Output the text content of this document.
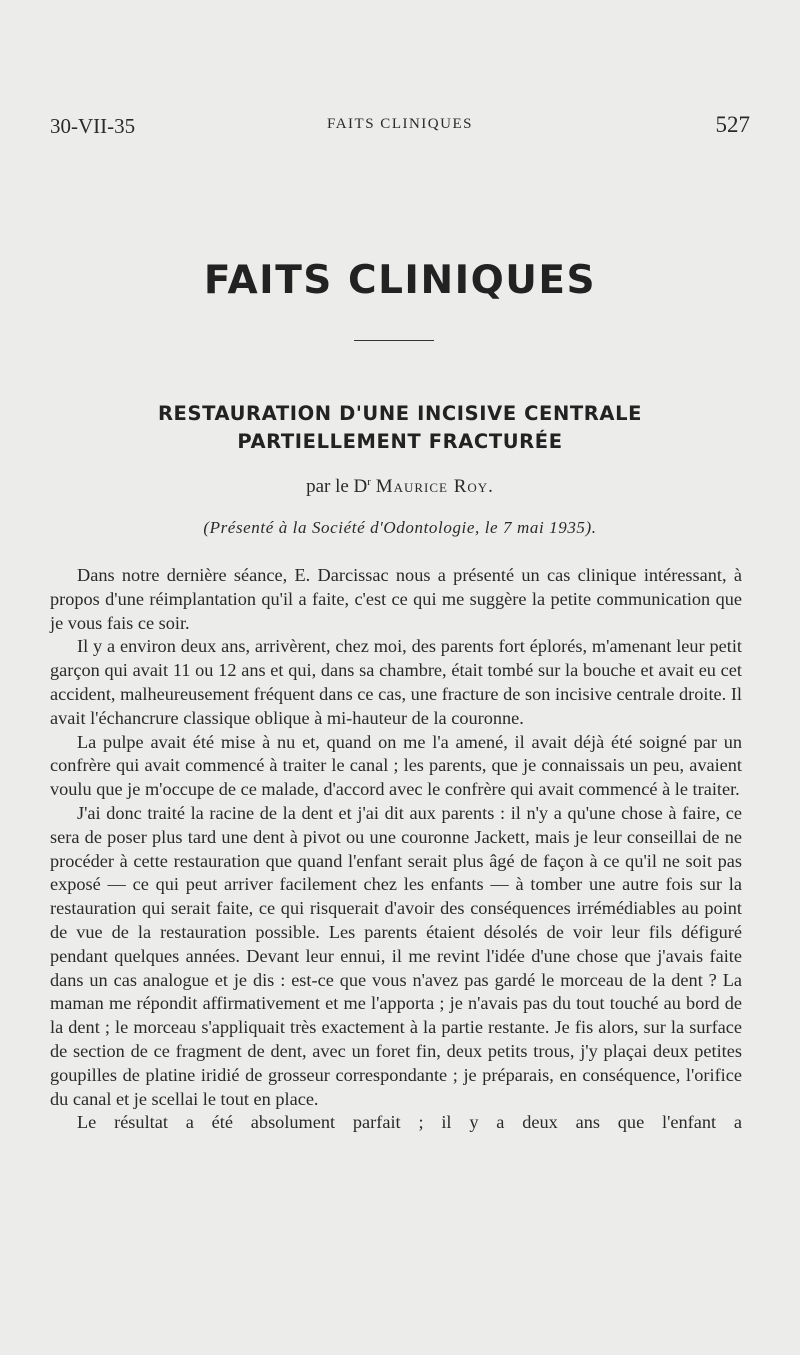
30-VII-35	FAITS CLINIQUES	527
FAITS CLINIQUES
RESTAURATION D'UNE INCISIVE CENTRALE
PARTIELLEMENT FRACTURÉE
par le $D^r$ Maurice Roy.
(Présenté à la Société d'Odontologie, le 7 mai 1935).

Dans notre dernière séance, E. Darcissac nous a présenté un cas clinique intéressant, à propos d'une réimplantation qu'il a faite, c'est ce qui me suggère la petite communication que je vous fais ce soir.

Il y a environ deux ans, arrivèrent, chez moi, des parents fort éplorés, m'amenant leur petit garçon qui avait 11 ou 12 ans et qui, dans sa chambre, était tombé sur la bouche et avait eu cet accident, malheureusement fréquent dans ce cas, une fracture de son incisive centrale droite. Il avait l'échancrure classique oblique à mi-hauteur de la couronne.

La pulpe avait été mise à nu et, quand on me l'a amené, il avait déjà été soigné par un confrère qui avait commencé à traiter le canal ; les parents, que je connaissais un peu, avaient voulu que je m'occupe de ce malade, d'accord avec le confrère qui avait commencé à le traiter.

J'ai donc traité la racine de la dent et j'ai dit aux parents : il n'y a qu'une chose à faire, ce sera de poser plus tard une dent à pivot ou une couronne Jackett, mais je leur conseillai de ne procéder à cette restauration que quand l'enfant serait plus âgé de façon à ce qu'il ne soit pas exposé — ce qui peut arriver facilement chez les enfants — à tomber une autre fois sur la restauration qui serait faite, ce qui risquerait d'avoir des conséquences irrémédiables au point de vue de la restauration possible. Les parents étaient désolés de voir leur fils défiguré pendant quelques années. Devant leur ennui, il me revint l'idée d'une chose que j'avais faite dans un cas analogue et je dis : est-ce que vous n'avez pas gardé le morceau de la dent ? La maman me répondit affirmativement et me l'apporta ; je n'avais pas du tout touché au bord de la dent ; le morceau s'appliquait très exactement à la partie restante. Je fis alors, sur la surface de section de ce fragment de dent, avec un foret fin, deux petits trous, j'y plaçai deux petites goupilles de platine iridié de grosseur correspondante ; je préparais, en conséquence, l'orifice du canal et je scellai le tout en place.

Le résultat a été absolument parfait ; il y a deux ans que l'enfant a
